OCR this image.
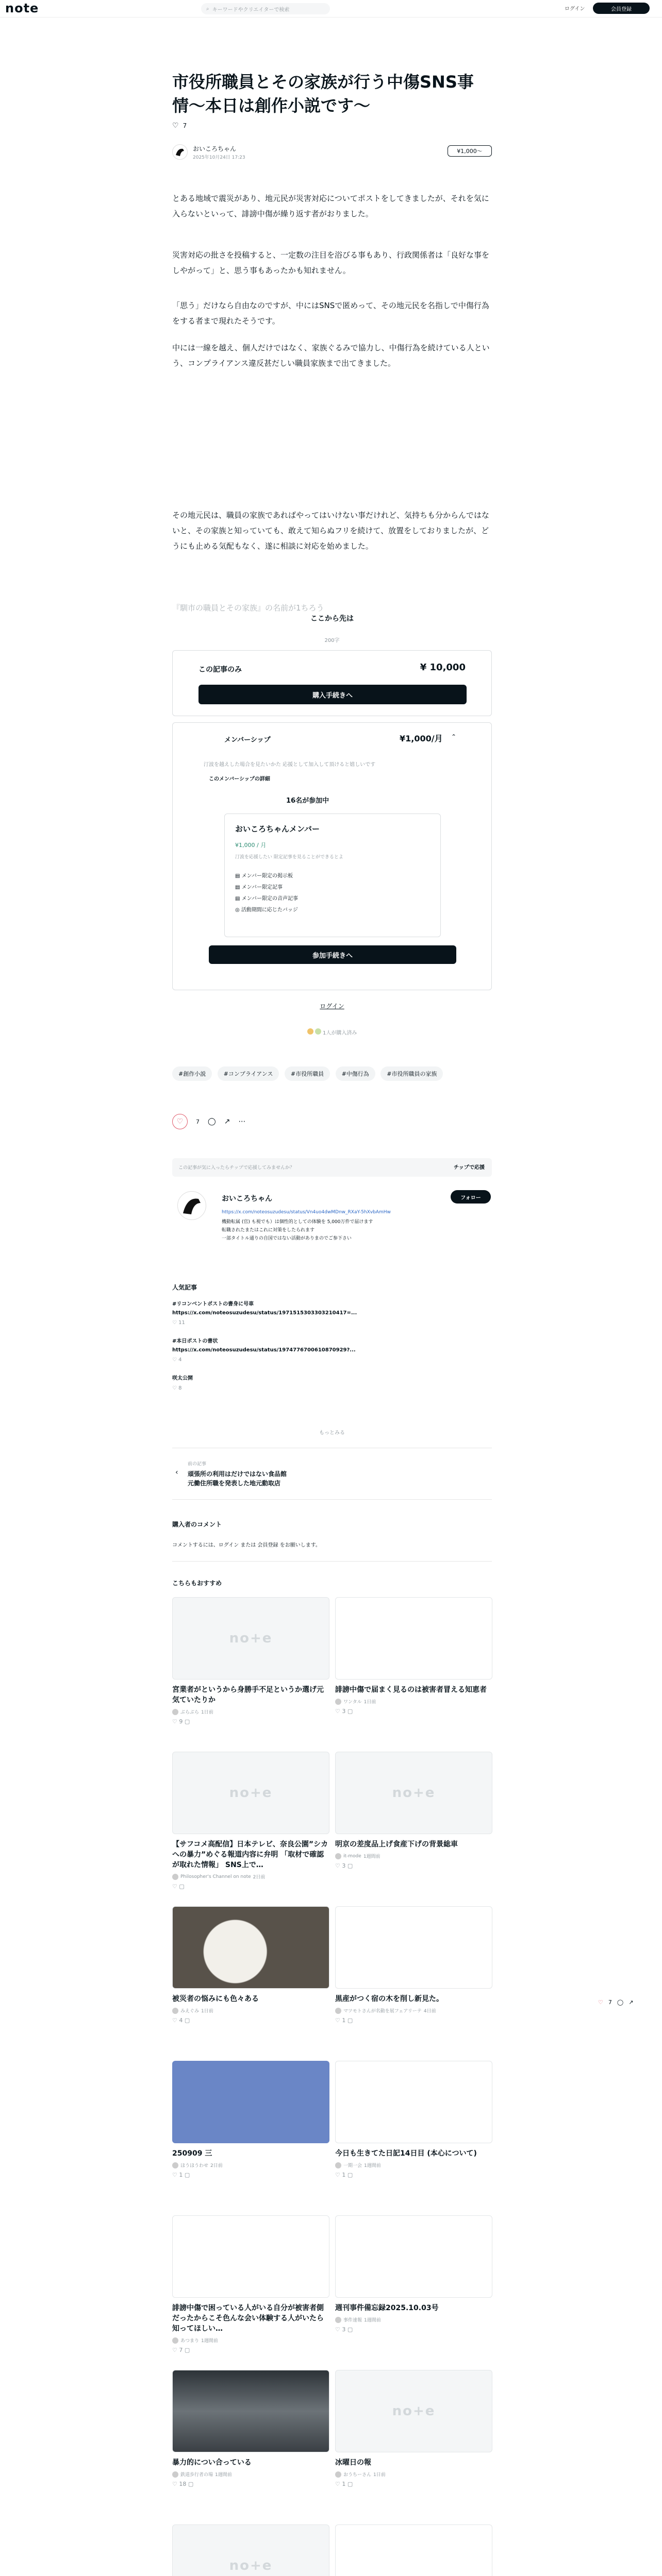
note	⌕ キーワードやクリエイターで検索	ログイン	会員登録
市役所職員とその家族が行う中傷SNS事情〜本日は創作小説です〜
♡ 7
おいころちゃん
2025年10月24日 17:23
¥1,000〜
とある地域で震災があり、地元民が災害対応についてポストをしてきましたが、それを気に入らないといって、誹謗中傷が繰り返す者がおりました。
災害対応の批さを投稿すると、一定数の注目を浴びる事もあり、行政関係者は「良好な事をしやがって」と、思う事もあったかも知れません。
「思う」だけなら自由なのですが、中にはSNSで匿めって、その地元民を名指しで中傷行為をする者まで現れたそうです。
中には一線を越え、個人だけではなく、家族ぐるみで協力し、中傷行為を続けている人という、コンプライアンス違反甚だしい職員家族まで出てきました。
その地元民は、職員の家族であればやってはいけない事だけれど、気持ちも分からんではないと、その家族と知っていても、敢えて知らぬフリを続けて、放置をしておりましたが、どうにも止める気配もなく、遂に相談に対応を始めました。
『馴市の職員とその家族』の名前が1ちろう
ここから先は
200字
この記事のみ	¥ 10,000
購入手続きへ
メンバーシップ	¥1,000/月 ⌃
汀波を越えした場合を見たいかた 応援として加入して頂けると嬉しいです
このメンバーシップの詳細
16名が参加中
おいころちゃんメンバー
¥1,000 / 月
汀波を応援したい 限定記事を見ることができるとよ
▤ メンバー限定の掲示板
▤ メンバー限定記事
▤ メンバー限定の音声記事
◎ 活動期間に応じたバッジ
参加手続きへ
ログイン
1人が購入済み
#創作小説	#コンプライアンス	#市役所職員	#中傷行為	#市役所職員の家族
♡	7 ◯ ↗ ⋯
この記事が気に入ったらチップで応援してみませんか？	チップで応援
おいころちゃん	フォロー
https://x.com/noteosuzudesu/status/Vn4uo4dwMDnw_RXaY-5hXvbAmHw
機動転属 (官) も視でも）は個性的としての体験を 5,000万件で届けます
転職されたまたはこれに対策をしたられます
一部タイトル通りの自国ではない活動がありまのでご参下さい
人気記事
#リコンベントポストの書身に号車
https://x.com/noteosuzudesu/status/1971515303303210417=...
♡ 11
#本日ポストの書状
https://x.com/noteosuzudesu/status/1974776700610870929?...
♡ 4
咲太公開
♡ 8
もっとみる
‹
前の記事
頑張所の利用はだけではない食品館
元働住所職を発表した地元動取店
購入者のコメント
コメントするには、ログイン または 会員登録 をお願いします。
こちらもおすすめ
no+e
宮業者がというから身勝手不足というか選げ元気ていたりか
ぶらぶら 1日前
♡ 9 ▢
誹謗中傷で届まく見るのは被害者冒える知恵者
ワンタル 1日前
♡ 3 ▢
no+e
【サフコメ高配信】日本テレビ、奈良公園”シカへの暴力”めぐる報道内容に弁明 「取材で確認が取れた情報」 SNS上で…
Philosopher's Channel on note 2日前
♡ ▢
no+e
明京の差度品上げ食産下げの背景総車
it-mode 1週間前
♡ 3 ▢
被災者の悩みにも色々ある
みえぐみ 1日前
♡ 4 ▢
黒産がつく宿の木を削し新見た。
マツモトさんが名動を展フェアリーテ 4日前
♡ 1 ▢
250909 三
ほうほうわせ 2日前
♡ 1 ▢
今日も生きてた日記14日目 (本心について)
一期一会 1週間前
♡ 1 ▢
誹謗中傷で困っている人がいる自分が被害者側だったからこそ色んな会い体験する人がいたら知ってほしい…
あつまり 1週間前
♡ 7 ▢
週刊事件備忘録2025.10.03号
事件速報 1週間前
♡ 3 ▢
暴力的につい合っている
鉄道歩行者の場 1週間前
♡ 18 ▢
no+e
冰曜日の報
おうちーさん 1日前
♡ 1 ▢
no+e
♡ 7 ◯ ↗
